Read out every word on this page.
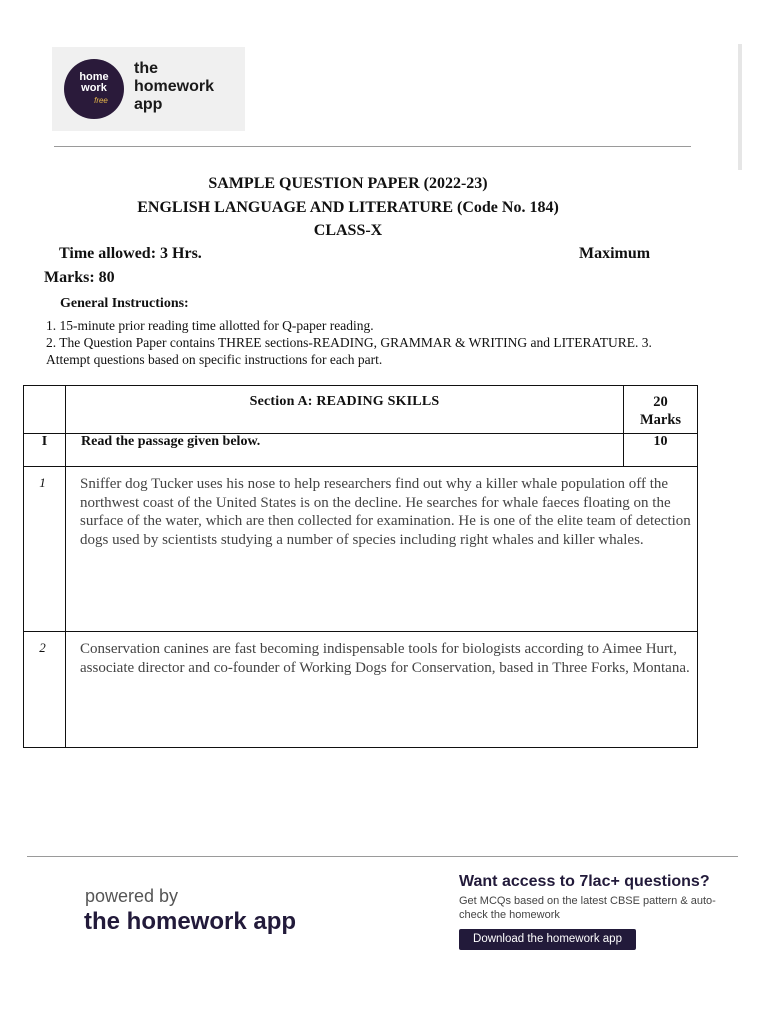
home
work
free
the
homework
app
SAMPLE QUESTION PAPER (2022-23)
ENGLISH LANGUAGE AND LITERATURE (Code No. 184)
CLASS-X
Time allowed: 3 Hrs.	Maximum
Marks: 80
General Instructions:
1. 15-minute prior reading time allotted for Q-paper reading.
2. The Question Paper contains THREE sections-READING, GRAMMAR & WRITING and LITERATURE. 3. Attempt questions based on specific instructions for each part.
	Section A: READING SKILLS	20
Marks

I	Read the passage given below.	10
1	Sniffer dog Tucker uses his nose to help researchers find out why a killer whale population off the northwest coast of the United States is on the decline. He searches for whale faeces floating on the surface of the water, which are then collected for examination. He is one of the elite team of detection dogs used by scientists studying a number of species including right whales and killer whales.	
2	Conservation canines are fast becoming indispensable tools for biologists according to Aimee Hurt, associate director and co-founder of Working Dogs for Conservation, based in Three Forks, Montana.	
powered by
the homework app
Want access to 7lac+ questions?
Get MCQs based on the latest CBSE pattern & auto-check the homework
Download the homework app
